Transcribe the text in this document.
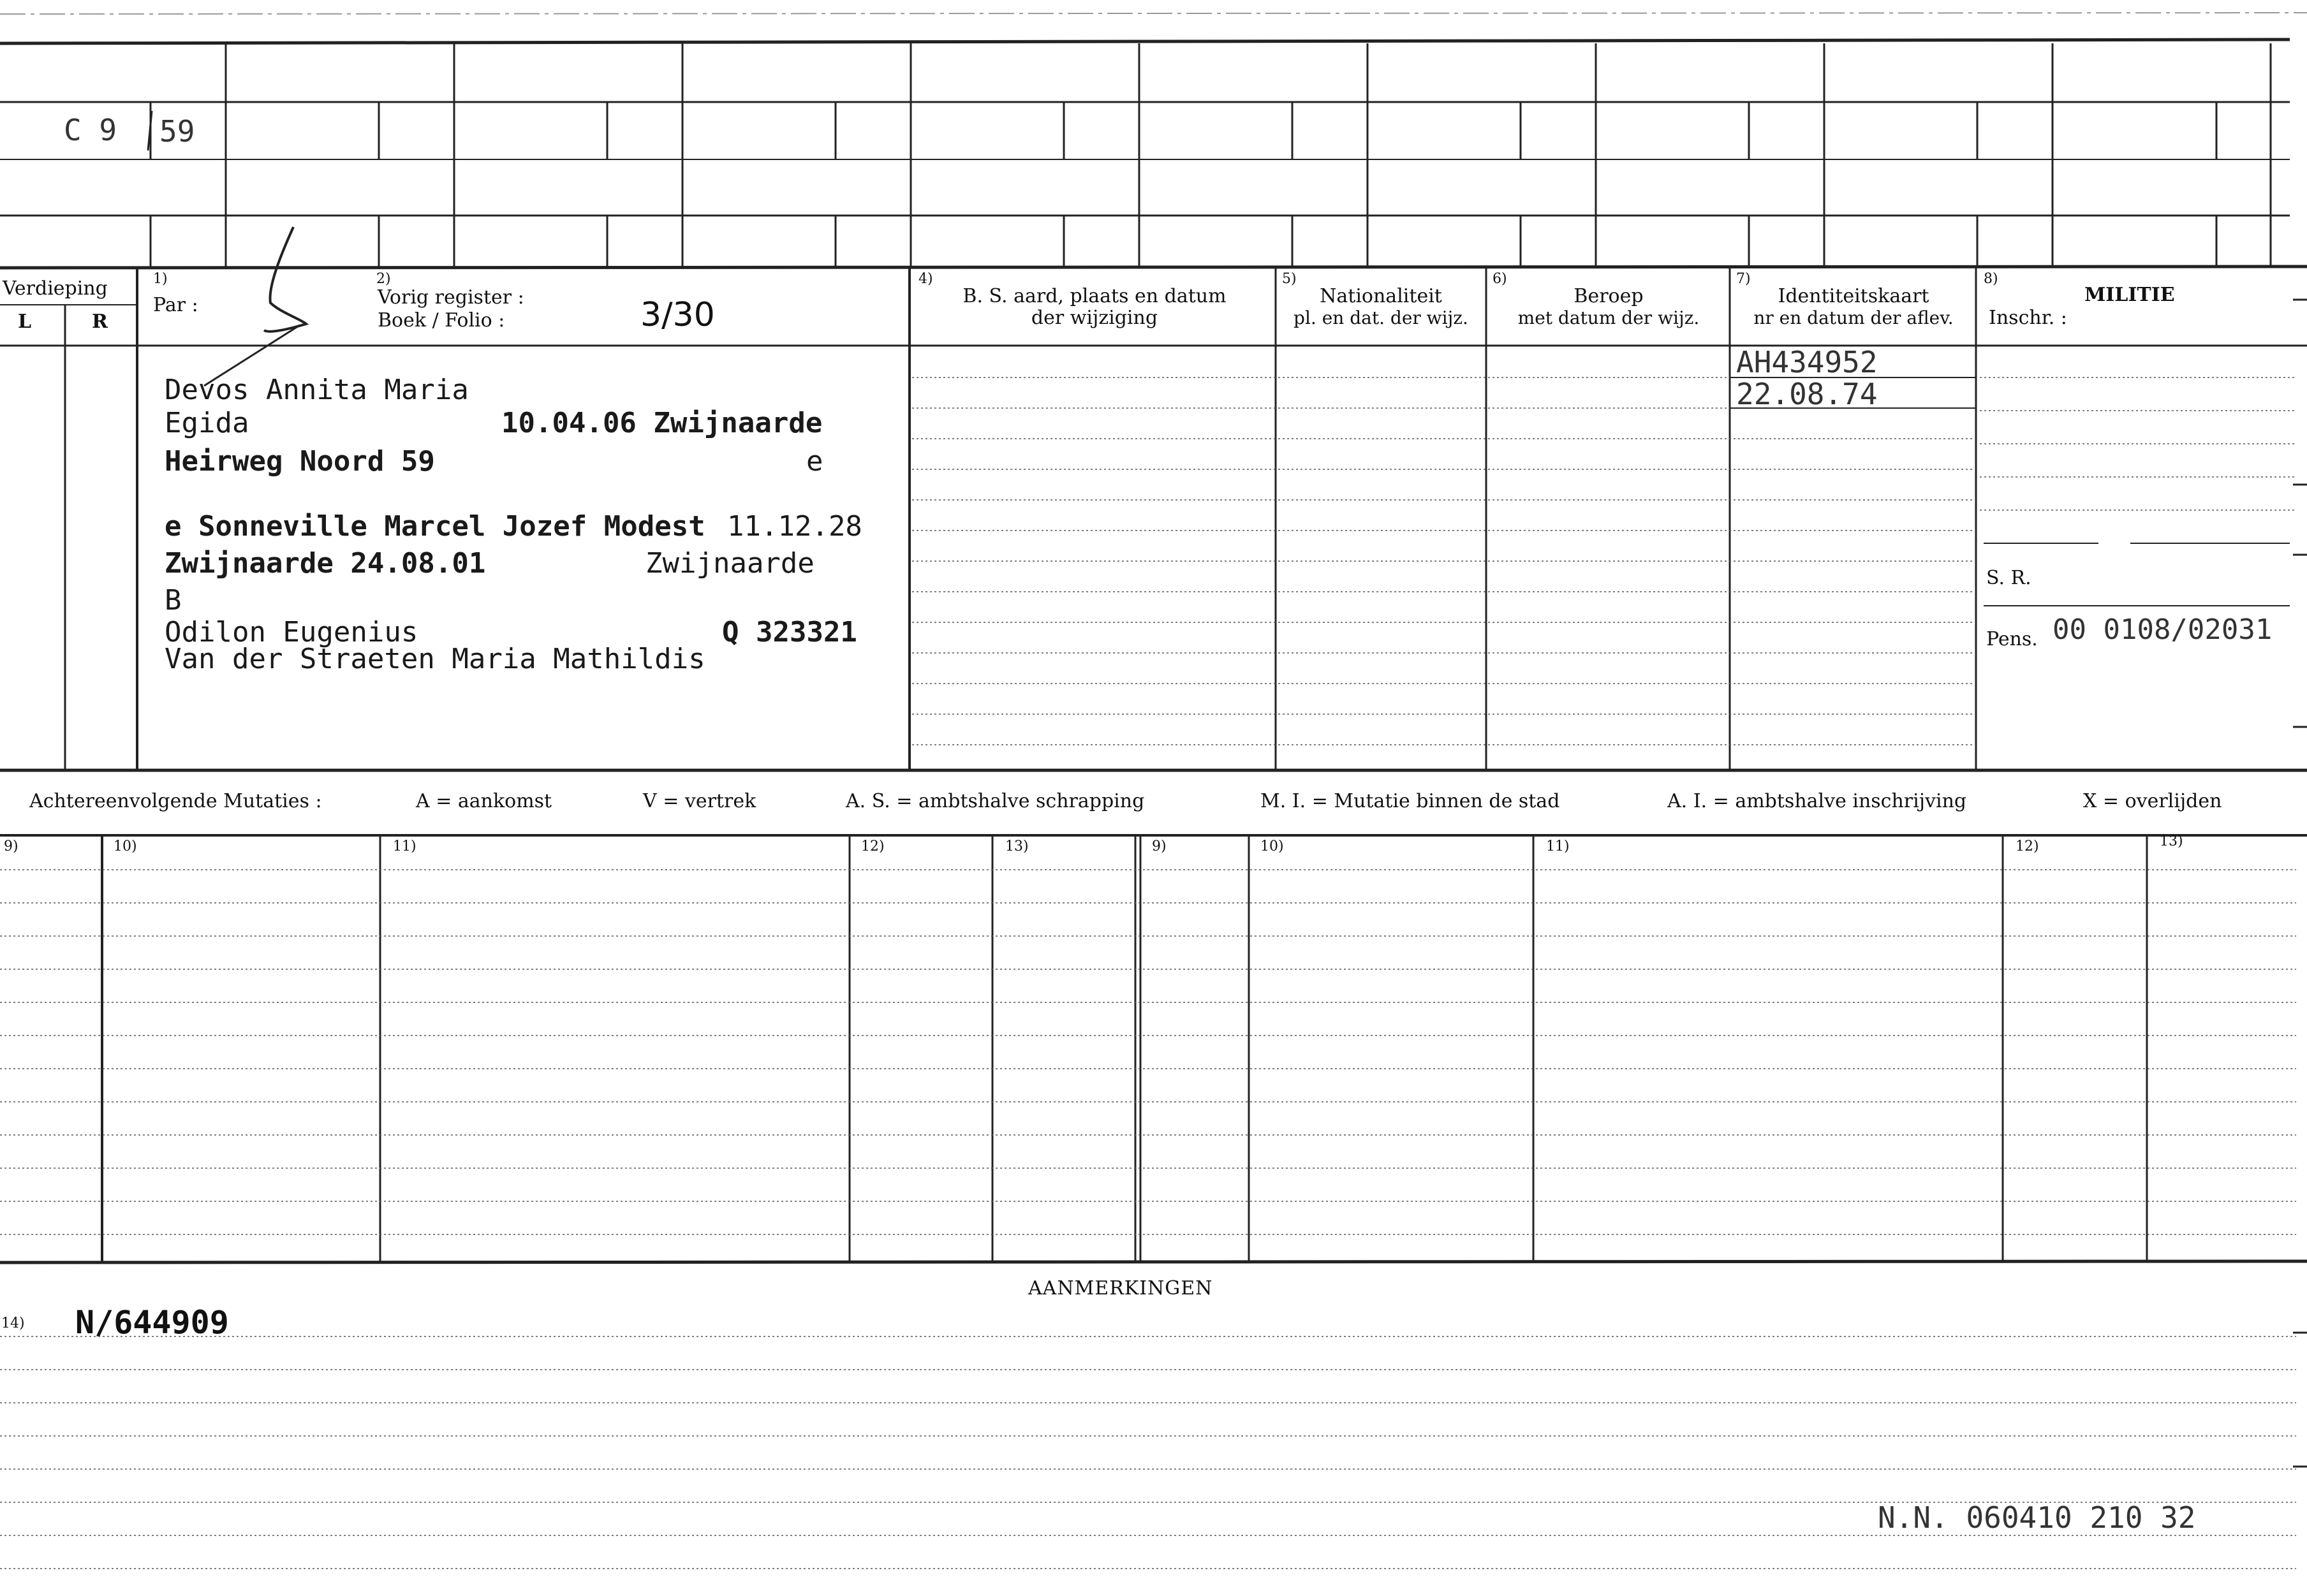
C 9 59
Verdieping
L	R
1)
Par :
2)
Vorig register :
Boek / Folio :	3/30
4)
B. S. aard, plaats en datum
der wijziging
5)
Nationaliteit
pl. en dat. der wijz.
6)
Beroep
met datum der wijz.
7)
Identiteitskaart
nr en datum der aflev.
8)
MILITIE
Inschr. :
Devos Annita Maria
Egida	10.04.06 Zwijnaarde
Heirweg Noord 59	e
e Sonneville Marcel Jozef Modest 11.12.28
Zwijnaarde 24.08.01	Zwijnaarde
B
Odilon Eugenius	Q 323321
Van der Straeten Maria Mathildis
AH434952
22.08.74
S. R.
Pens. 00 0108/02031
Achtereenvolgende Mutaties :	A = aankomst	V = vertrek	A. S. = ambtshalve schrapping	M. I. = Mutatie binnen de stad	A. I. = ambtshalve inschrijving	X = overlijden
9)	10)	11)	12)	13)	9)	10)	11)	12)	13)
AANMERKINGEN
14) N/644909
N.N. 060410 210 32
